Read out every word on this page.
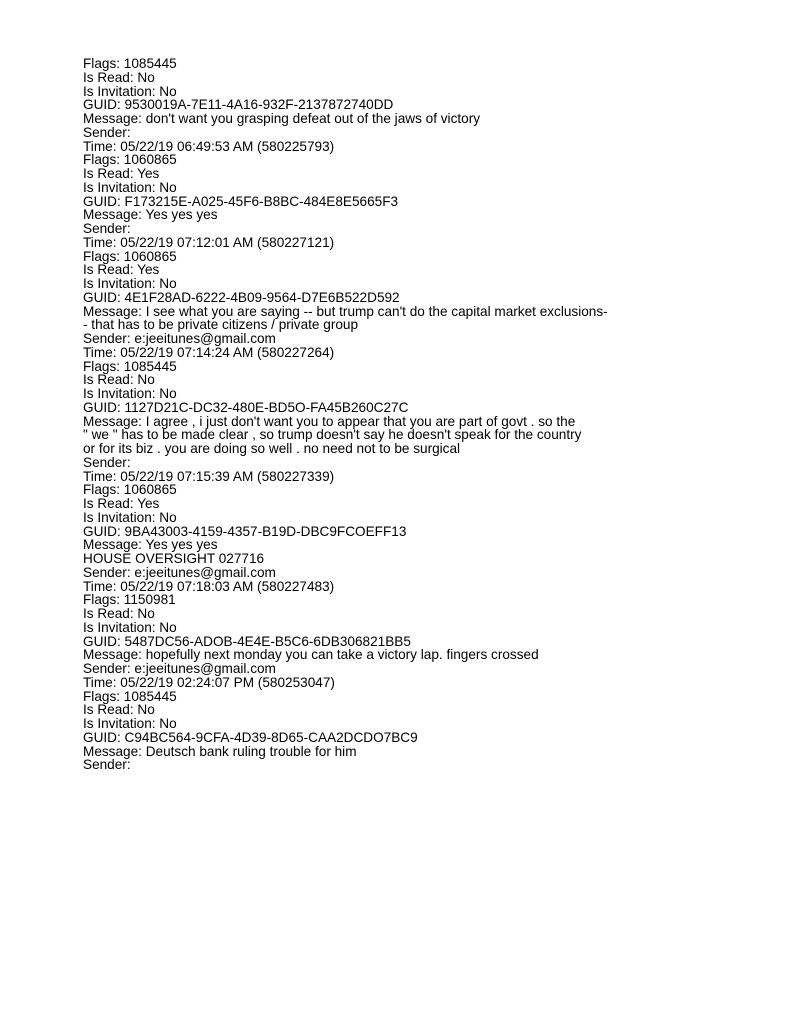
Flags: 1085445
Is Read: No
Is Invitation: No
GUID: 9530019A-7E11-4A16-932F-2137872740DD
Message: don't want you grasping defeat out of the jaws of victory
Sender:
Time: 05/22/19 06:49:53 AM (580225793)
Flags: 1060865
Is Read: Yes
Is Invitation: No
GUID: F173215E-A025-45F6-B8BC-484E8E5665F3
Message: Yes yes yes
Sender:
Time: 05/22/19 07:12:01 AM (580227121)
Flags: 1060865
Is Read: Yes
Is Invitation: No
GUID: 4E1F28AD-6222-4B09-9564-D7E6B522D592
Message: I see what you are saying -- but trump can't do the capital market exclusions-
- that has to be private citizens / private group
Sender: e:jeeitunes@gmail.com
Time: 05/22/19 07:14:24 AM (580227264)
Flags: 1085445
Is Read: No
Is Invitation: No
GUID: 1127D21C-DC32-480E-BD5O-FA45B260C27C
Message: I agree , i just don't want you to appear that you are part of govt . so the
" we " has to be made clear , so trump doesn't say he doesn't speak for the country
or for its biz . you are doing so well . no need not to be surgical
Sender:
Time: 05/22/19 07:15:39 AM (580227339)
Flags: 1060865
Is Read: Yes
Is Invitation: No
GUID: 9BA43003-4159-4357-B19D-DBC9FCOEFF13
Message: Yes yes yes
HOUSE OVERSIGHT 027716
Sender: e:jeeitunes@gmail.com
Time: 05/22/19 07:18:03 AM (580227483)
Flags: 1150981
Is Read: No
Is Invitation: No
GUID: 5487DC56-ADOB-4E4E-B5C6-6DB306821BB5
Message: hopefully next monday you can take a victory lap. fingers crossed
Sender: e:jeeitunes@gmail.com
Time: 05/22/19 02:24:07 PM (580253047)
Flags: 1085445
Is Read: No
Is Invitation: No
GUID: C94BC564-9CFA-4D39-8D65-CAA2DCDO7BC9
Message: Deutsch bank ruling trouble for him
Sender:
